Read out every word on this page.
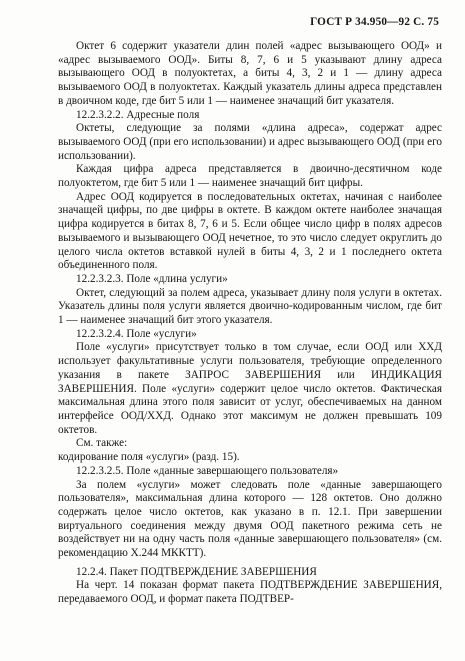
ГОСТ Р 34.950—92 С. 75

Октет 6 содержит указатели длин полей «адрес вызывающего ООД» и «адрес вызываемого ООД». Биты 8, 7, 6 и 5 указывают длину адреса вызывающего ООД в полуоктетах, а биты 4, 3, 2 и 1 — длину адреса вызываемого ООД в полуоктетах. Каждый указатель длины адреса представлен в двоичном коде, где бит 5 или 1 — наименее значащий бит указателя.

12.2.3.2.2. Адресные поля

Октеты, следующие за полями «длина адреса», содержат адрес вызываемого ООД (при его использовании) и адрес вызывающего ООД (при его использовании).

Каждая цифра адреса представляется в двоично-десятичном коде полуоктетом, где бит 5 или 1 — наименее значащий бит цифры.

Адрес ООД кодируется в последовательных октетах, начиная с наиболее значащей цифры, по две цифры в октете. В каждом октете наиболее значащая цифра кодируется в битах 8, 7, 6 и 5. Если общее число цифр в полях адресов вызываемого и вызывающего ООД нечетное, то это число следует округлить до целого числа октетов вставкой нулей в биты 4, 3, 2 и 1 последнего октета объединенного поля.

12.2.3.2.3. Поле «длина услуги»

Октет, следующий за полем адреса, указывает длину поля услуги в октетах. Указатель длины поля услуги является двоично-кодированным числом, где бит 1 — наименее значащий бит этого указателя.

12.2.3.2.4. Поле «услуги»

Поле «услуги» присутствует только в том случае, если ООД или ХХД использует факультативные услуги пользователя, требующие определенного указания в пакете ЗАПРОС ЗАВЕРШЕНИЯ или ИНДИКАЦИЯ ЗАВЕРШЕНИЯ. Поле «услуги» содержит целое число октетов. Фактическая максимальная длина этого поля зависит от услуг, обеспечиваемых на данном интерфейсе ООД/ХХД. Однако этот максимум не должен превышать 109 октетов.

См. также:

кодирование поля «услуги» (разд. 15).

12.2.3.2.5. Поле «данные завершающего пользователя»

За полем «услуги» может следовать поле «данные завершающего пользователя», максимальная длина которого — 128 октетов. Оно должно содержать целое число октетов, как указано в п. 12.1. При завершении виртуального соединения между двумя ООД пакетного режима сеть не воздействует ни на одну часть поля «данные завершающего пользователя» (см. рекомендацию Х.244 МККТТ).

12.2.4. Пакет ПОДТВЕРЖДЕНИЕ ЗАВЕРШЕНИЯ

На черт. 14 показан формат пакета ПОДТВЕРЖДЕНИЕ ЗАВЕРШЕНИЯ, передаваемого ООД, и формат пакета ПОДТВЕР-
